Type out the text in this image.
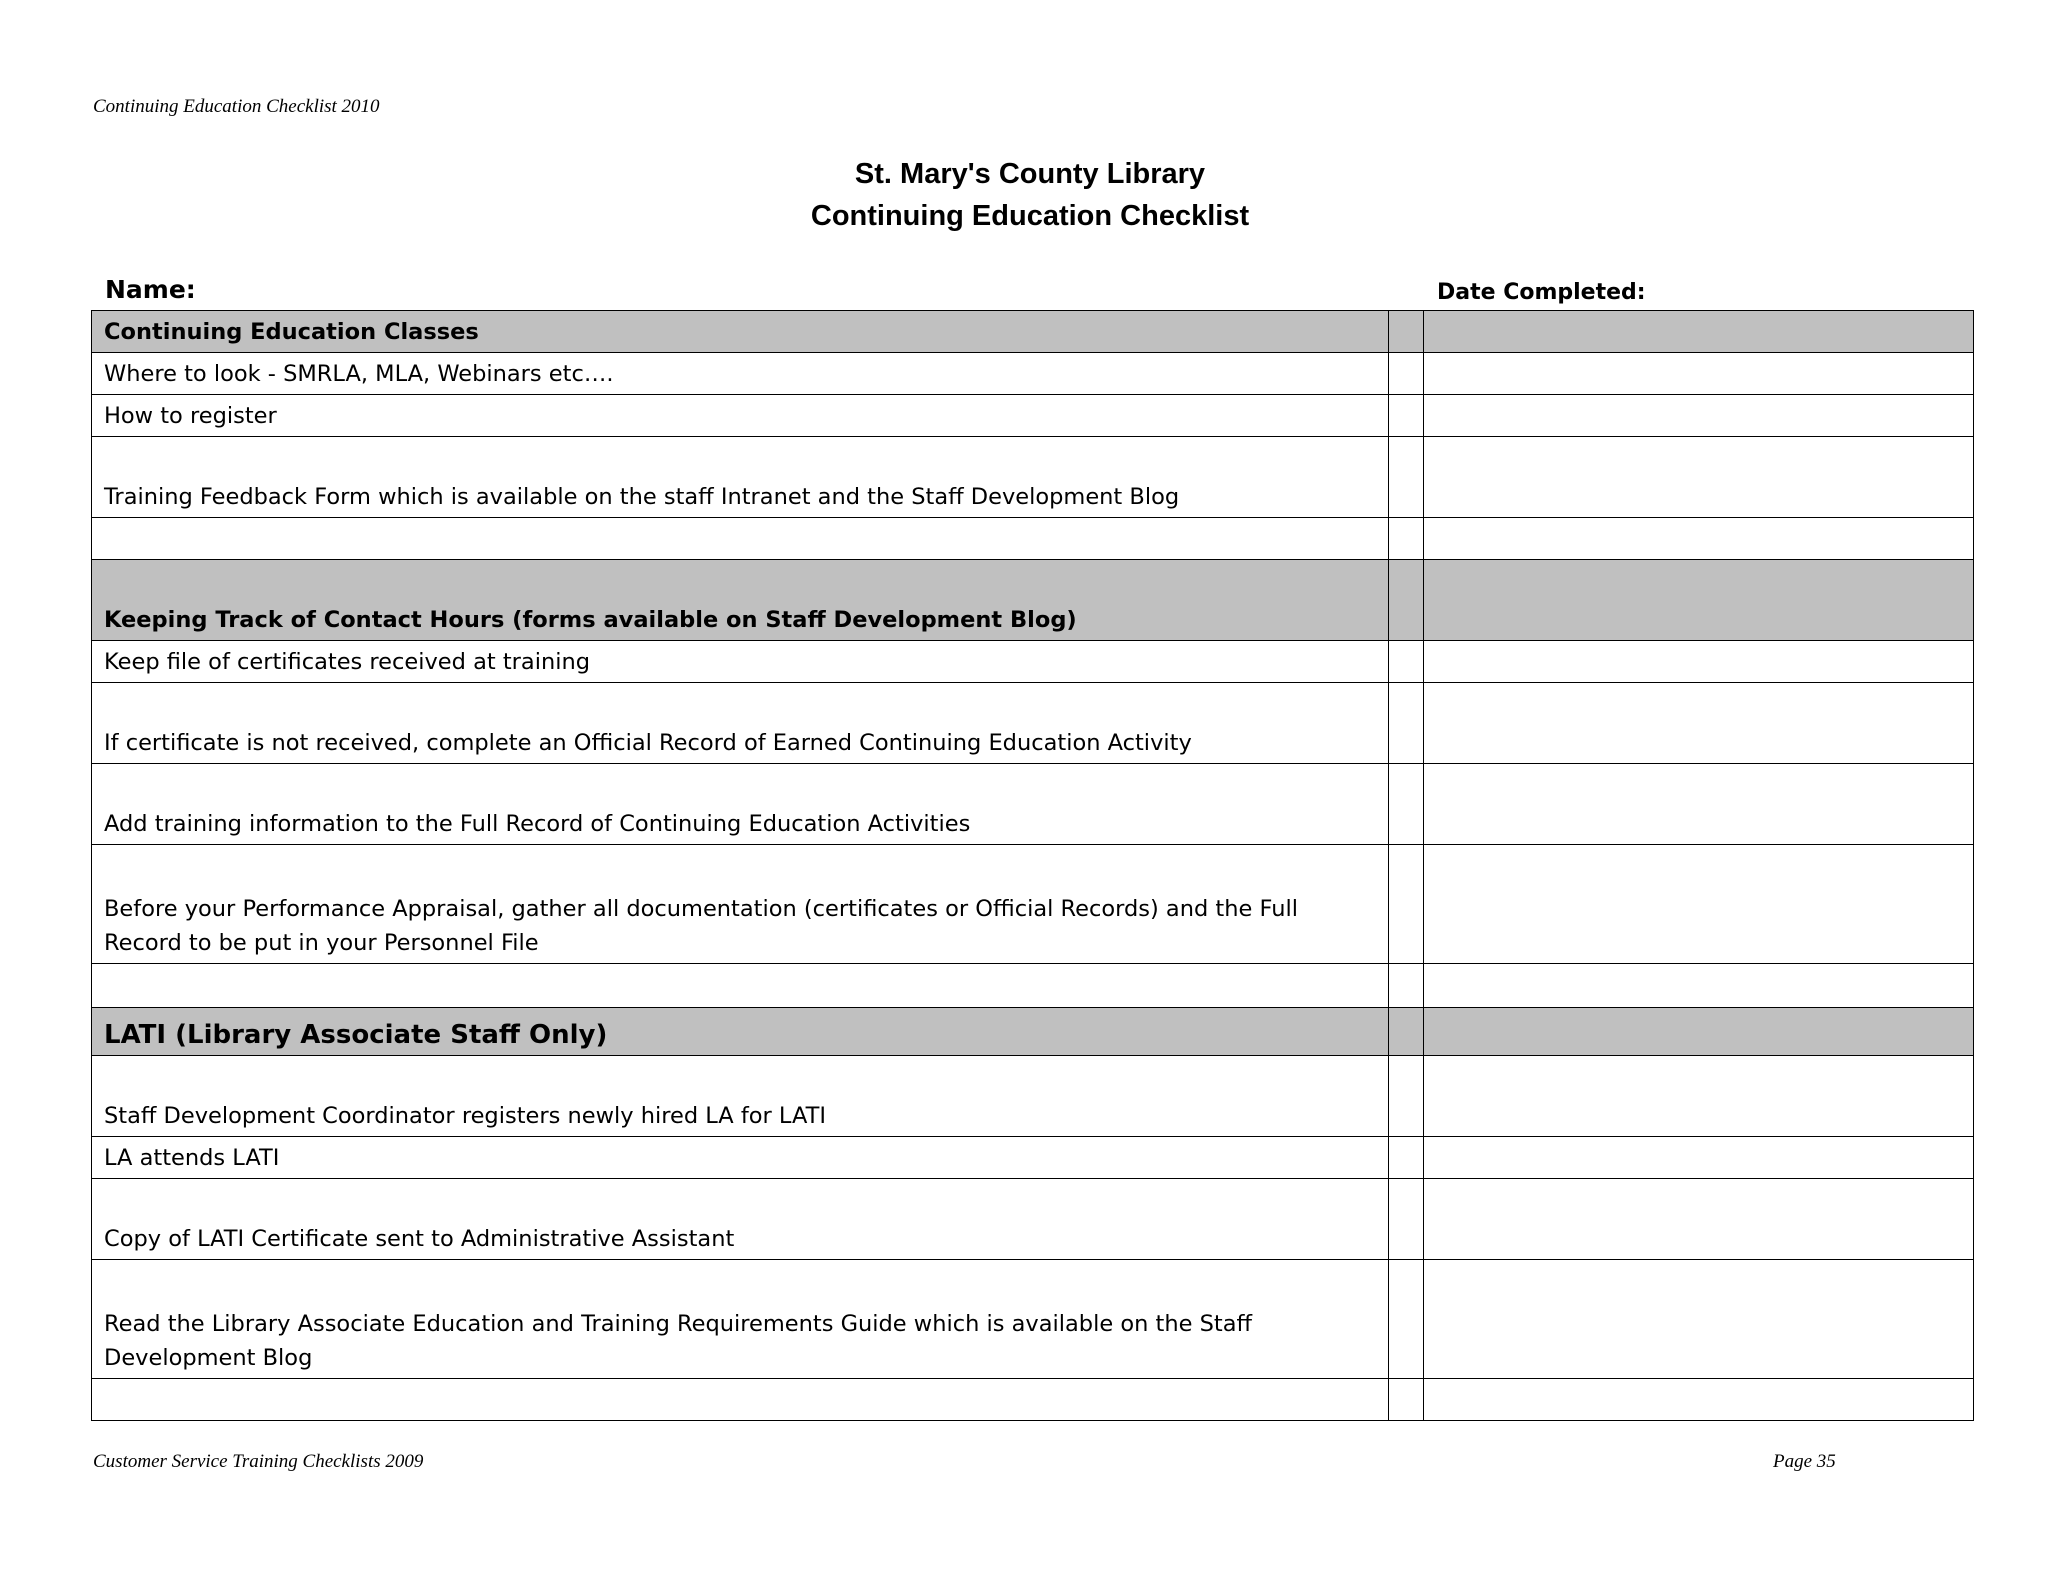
Continuing Education Checklist 2010
St. Mary's County Library
Continuing Education Checklist
Name:	Date Completed:
Continuing Education Classes		
Where to look - SMRLA, MLA, Webinars etc….		
How to register		
Training Feedback Form which is available on the staff Intranet and the Staff Development Blog		

Keeping Track of Contact Hours (forms available on Staff Development Blog)		
Keep file of certificates received at training		
If certificate is not received, complete an Official Record of Earned Continuing Education Activity		
Add training information to the Full Record of Continuing Education Activities		
Before your Performance Appraisal, gather all documentation (certificates or Official Records) and the Full Record to be put in your Personnel File		

LATI (Library Associate Staff Only)		
Staff Development Coordinator registers newly hired LA for LATI		
LA attends LATI		
Copy of LATI Certificate sent to Administrative Assistant		
Read the Library Associate Education and Training Requirements Guide which is available on the Staff Development Blog		

Customer Service Training Checklists 2009	Page 35
